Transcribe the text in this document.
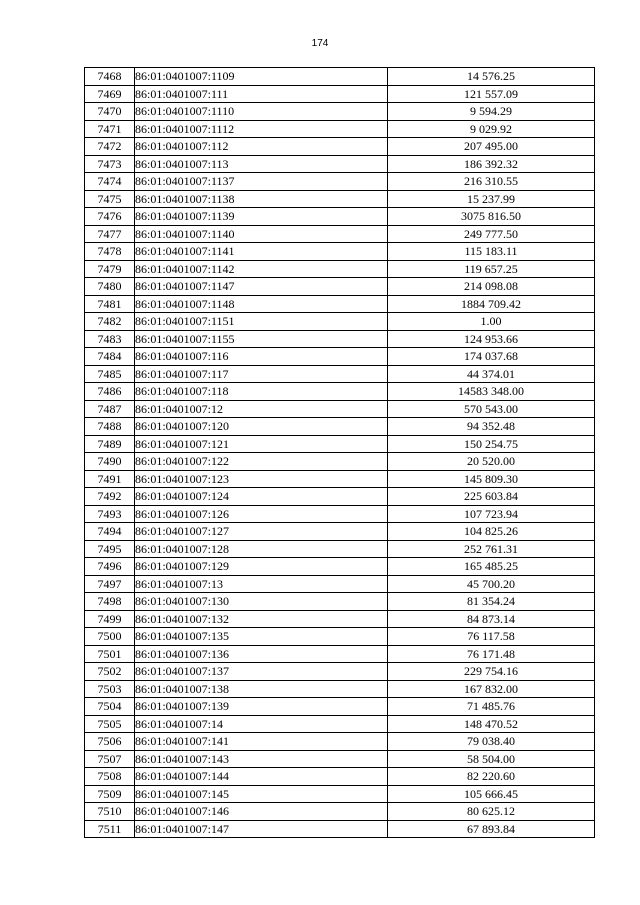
174
7468	86:01:0401007:1109	14 576.25
7469	86:01:0401007:111	121 557.09
7470	86:01:0401007:1110	9 594.29
7471	86:01:0401007:1112	9 029.92
7472	86:01:0401007:112	207 495.00
7473	86:01:0401007:113	186 392.32
7474	86:01:0401007:1137	216 310.55
7475	86:01:0401007:1138	15 237.99
7476	86:01:0401007:1139	3075 816.50
7477	86:01:0401007:1140	249 777.50
7478	86:01:0401007:1141	115 183.11
7479	86:01:0401007:1142	119 657.25
7480	86:01:0401007:1147	214 098.08
7481	86:01:0401007:1148	1884 709.42
7482	86:01:0401007:1151	1.00
7483	86:01:0401007:1155	124 953.66
7484	86:01:0401007:116	174 037.68
7485	86:01:0401007:117	44 374.01
7486	86:01:0401007:118	14583 348.00
7487	86:01:0401007:12	570 543.00
7488	86:01:0401007:120	94 352.48
7489	86:01:0401007:121	150 254.75
7490	86:01:0401007:122	20 520.00
7491	86:01:0401007:123	145 809.30
7492	86:01:0401007:124	225 603.84
7493	86:01:0401007:126	107 723.94
7494	86:01:0401007:127	104 825.26
7495	86:01:0401007:128	252 761.31
7496	86:01:0401007:129	165 485.25
7497	86:01:0401007:13	45 700.20
7498	86:01:0401007:130	81 354.24
7499	86:01:0401007:132	84 873.14
7500	86:01:0401007:135	76 117.58
7501	86:01:0401007:136	76 171.48
7502	86:01:0401007:137	229 754.16
7503	86:01:0401007:138	167 832.00
7504	86:01:0401007:139	71 485.76
7505	86:01:0401007:14	148 470.52
7506	86:01:0401007:141	79 038.40
7507	86:01:0401007:143	58 504.00
7508	86:01:0401007:144	82 220.60
7509	86:01:0401007:145	105 666.45
7510	86:01:0401007:146	80 625.12
7511	86:01:0401007:147	67 893.84
